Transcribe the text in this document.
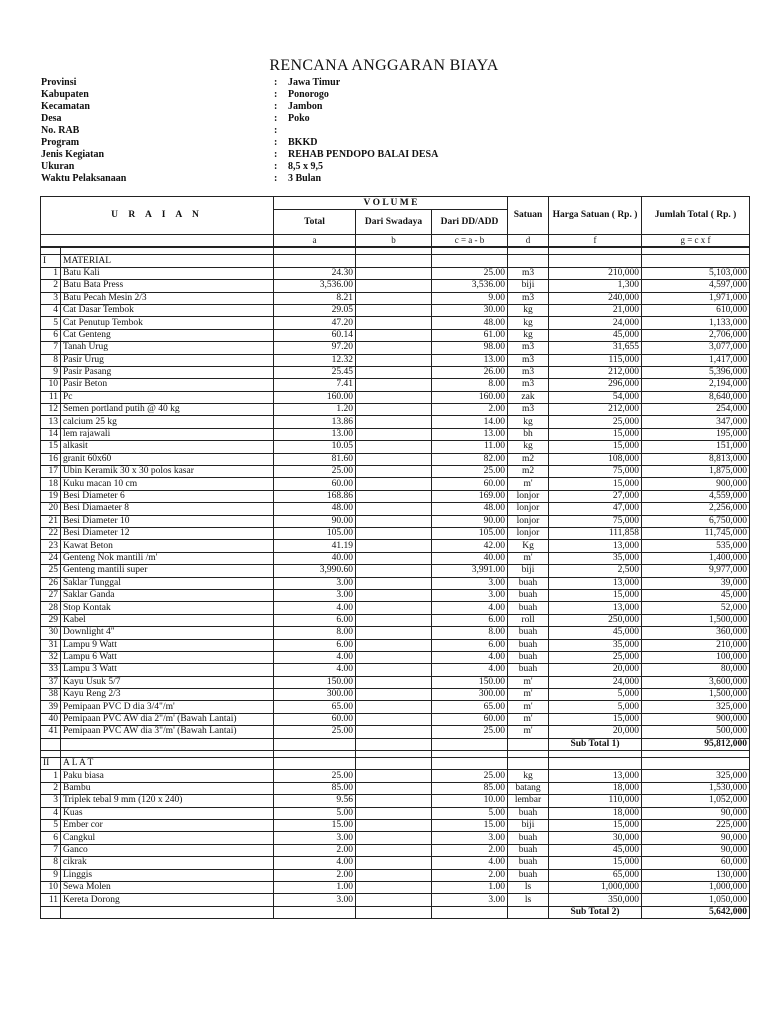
RENCANA ANGGARAN BIAYA
Provinsi	:	Jawa Timur
Kabupaten	:	Ponorogo
Kecamatan	:	Jambon
Desa	:	Poko
No. RAB	:
Program	:	BKKD
Jenis Kegiatan	:	REHAB PENDOPO BALAI DESA
Ukuran	:	8,5 x 9,5
Waktu Pelaksanaan	:	3 Bulan
U R A I A N		V O L U M E			Satuan	Harga Satuan ( Rp. )	Jumlah Total ( Rp. )
		Total	Dari Swadaya	Dari DD/ADD			
		a	b	c = a - b	d	f	g = c x f

I	MATERIAL						
1	Batu Kali	24.30		25.00	m3	210,000	5,103,000
2	Batu Bata Press	3,536.00		3,536.00	biji	1,300	4,597,000
3	Batu Pecah Mesin 2/3	8.21		9.00	m3	240,000	1,971,000
4	Cat Dasar Tembok	29.05		30.00	kg	21,000	610,000
5	Cat Penutup Tembok	47.20		48.00	kg	24,000	1,133,000
6	Cat Genteng	60.14		61.00	kg	45,000	2,706,000
7	Tanah Urug	97.20		98.00	m3	31,655	3,077,000
8	Pasir Urug	12.32		13.00	m3	115,000	1,417,000
9	Pasir Pasang	25.45		26.00	m3	212,000	5,396,000
10	Pasir Beton	7.41		8.00	m3	296,000	2,194,000
11	Pc	160.00		160.00	zak	54,000	8,640,000
12	Semen portland putih @ 40 kg	1.20		2.00	m3	212,000	254,000
13	calcium 25 kg	13.86		14.00	kg	25,000	347,000
14	lem rajawali	13.00		13.00	bh	15,000	195,000
15	alkasit	10.05		11.00	kg	15,000	151,000
16	granit 60x60	81.60		82.00	m2	108,000	8,813,000
17	Ubin Keramik 30 x 30 polos kasar	25.00		25.00	m2	75,000	1,875,000
18	Kuku macan 10 cm	60.00		60.00	m'	15,000	900,000
19	Besi Diameter 6	168.86		169.00	lonjor	27,000	4,559,000
20	Besi Diamaeter 8	48.00		48.00	lonjor	47,000	2,256,000
21	Besi Diameter 10	90.00		90.00	lonjor	75,000	6,750,000
22	Besi Diameter 12	105.00		105.00	lonjor	111,858	11,745,000
23	Kawat Beton	41.19		42.00	Kg	13,000	535,000
24	Genteng Nok mantili /m'	40.00		40.00	m'	35,000	1,400,000
25	Genteng mantili super	3,990.60		3,991.00	biji	2,500	9,977,000
26	Saklar Tunggal	3.00		3.00	buah	13,000	39,000
27	Saklar Ganda	3.00		3.00	buah	15,000	45,000
28	Stop Kontak	4.00		4.00	buah	13,000	52,000
29	Kabel	6.00		6.00	roll	250,000	1,500,000
30	Downlight 4"	8.00		8.00	buah	45,000	360,000
31	Lampu 9 Watt	6.00		6.00	buah	35,000	210,000
32	Lampu 6 Watt	4.00		4.00	buah	25,000	100,000
33	Lampu 3 Watt	4.00		4.00	buah	20,000	80,000
37	Kayu Usuk 5/7	150.00		150.00	m'	24,000	3,600,000
38	Kayu Reng 2/3	300.00		300.00	m'	5,000	1,500,000
39	Pemipaan PVC D dia 3/4"/m'	65.00		65.00	m'	5,000	325,000
40	Pemipaan PVC AW dia 2"/m' (Bawah Lantai)	60.00		60.00	m'	15,000	900,000
41	Pemipaan PVC AW dia 3"/m' (Bawah Lantai)	25.00		25.00	m'	20,000	500,000
						Sub Total 1)	95,812,000

II	A L A T						
1	Paku biasa	25.00		25.00	kg	13,000	325,000
2	Bambu	85.00		85.00	batang	18,000	1,530,000
3	Triplek tebal 9 mm (120 x 240)	9.56		10.00	lembar	110,000	1,052,000
4	Kuas	5.00		5.00	buah	18,000	90,000
5	Ember cor	15.00		15.00	biji	15,000	225,000
6	Cangkul	3.00		3.00	buah	30,000	90,000
7	Ganco	2.00		2.00	buah	45,000	90,000
8	cikrak	4.00		4.00	buah	15,000	60,000
9	Linggis	2.00		2.00	buah	65,000	130,000
10	Sewa Molen	1.00		1.00	ls	1,000,000	1,000,000
11	Kereta Dorong	3.00		3.00	ls	350,000	1,050,000
						Sub Total 2)	5,642,000
